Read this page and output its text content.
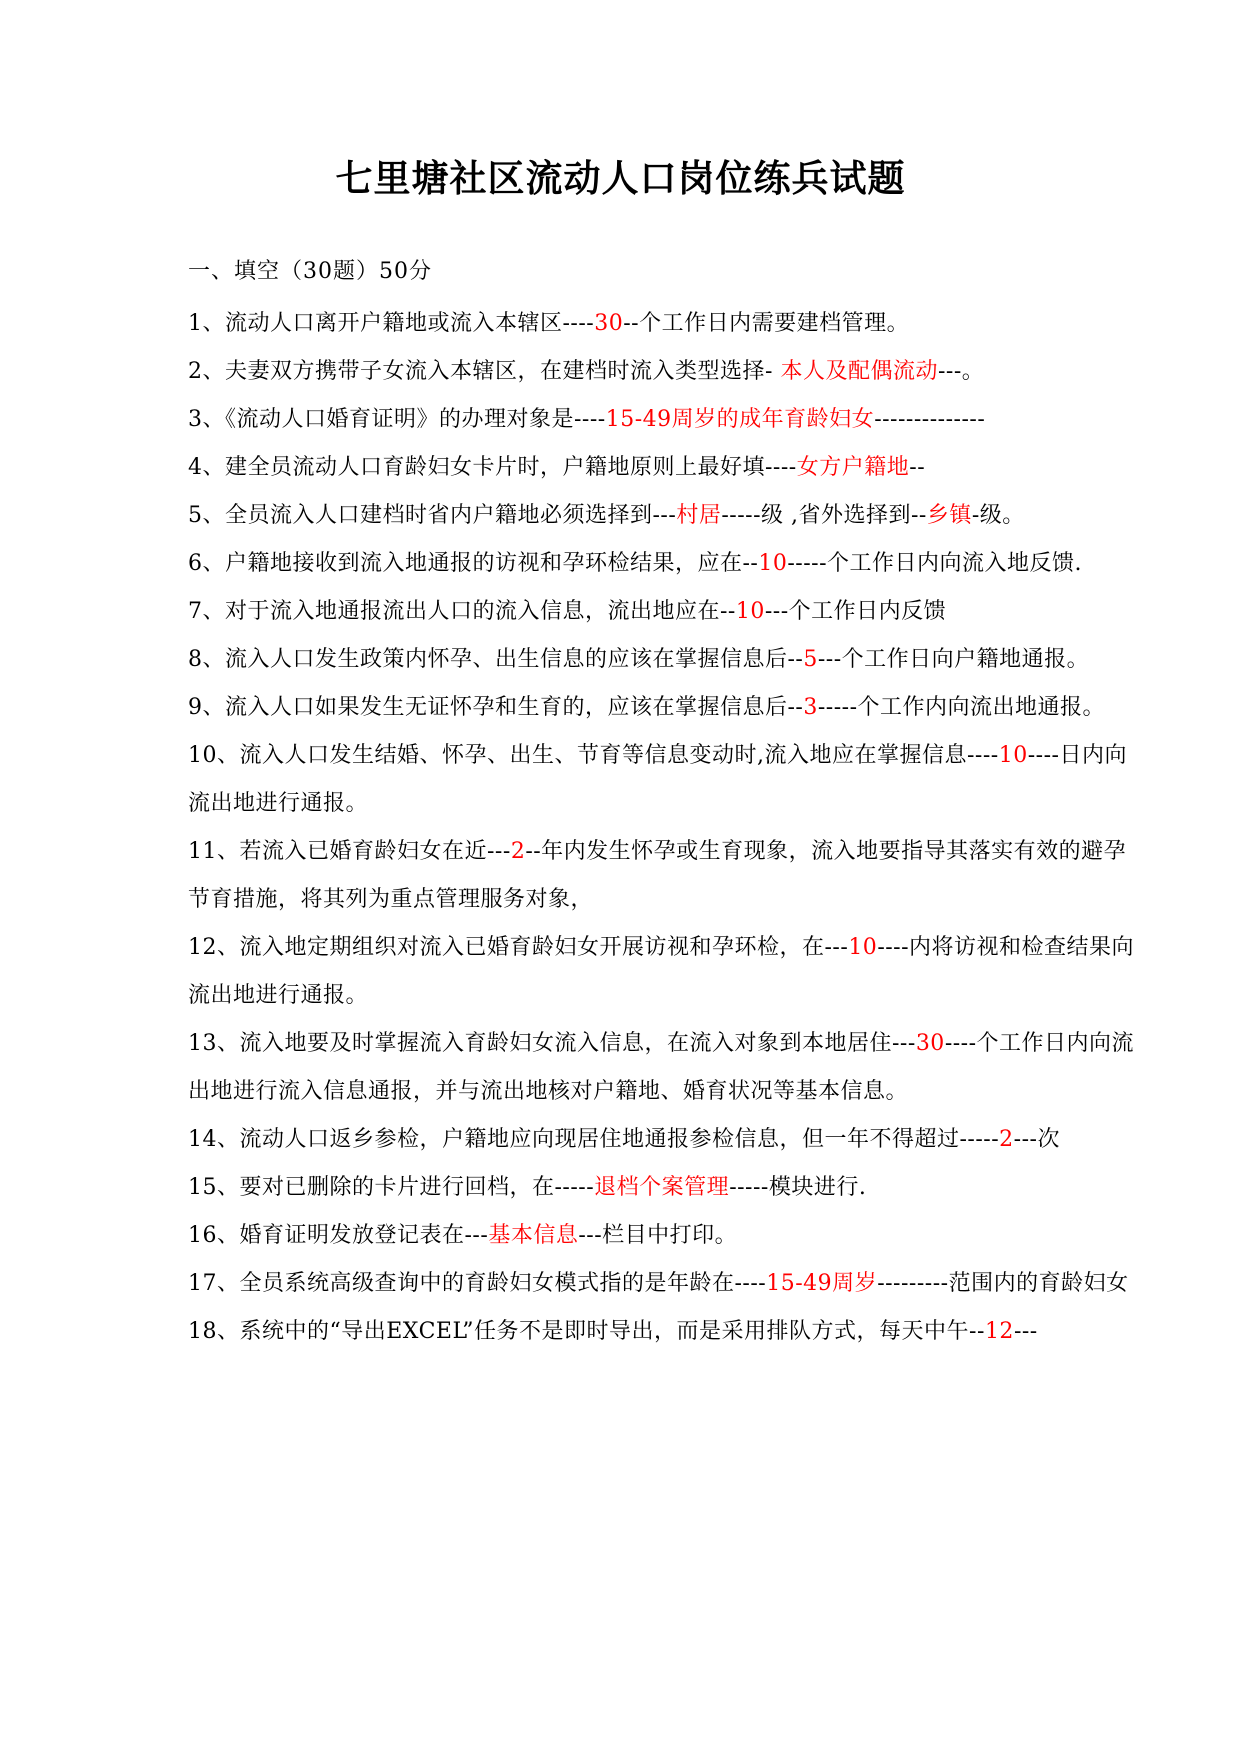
七里塘社区流动人口岗位练兵试题
一、填空（30题）50分
1、流动人口离开户籍地或流入本辖区----30--个工作日内需要建档管理。
2、夫妻双方携带子女流入本辖区，在建档时流入类型选择- 本人及配偶流动---。
3、《流动人口婚育证明》的办理对象是----15-49周岁的成年育龄妇女--------------
4、建全员流动人口育龄妇女卡片时，户籍地原则上最好填----女方户籍地--
5、全员流入人口建档时省内户籍地必须选择到---村居-----级 ,省外选择到--乡镇-级。
6、户籍地接收到流入地通报的访视和孕环检结果，应在--10-----个工作日内向流入地反馈.
7、对于流入地通报流出人口的流入信息，流出地应在--10---个工作日内反馈
8、流入人口发生政策内怀孕、出生信息的应该在掌握信息后--5---个工作日向户籍地通报。
9、流入人口如果发生无证怀孕和生育的，应该在掌握信息后--3-----个工作内向流出地通报。
10、流入人口发生结婚、怀孕、出生、节育等信息变动时,流入地应在掌握信息----10----日内向流出地进行通报。
11、若流入已婚育龄妇女在近---2--年内发生怀孕或生育现象，流入地要指导其落实有效的避孕节育措施，将其列为重点管理服务对象，
12、流入地定期组织对流入已婚育龄妇女开展访视和孕环检，在---10----内将访视和检查结果向流出地进行通报。
13、流入地要及时掌握流入育龄妇女流入信息，在流入对象到本地居住---30----个工作日内向流出地进行流入信息通报，并与流出地核对户籍地、婚育状况等基本信息。
14、流动人口返乡参检，户籍地应向现居住地通报参检信息，但一年不得超过-----2---次
15、要对已删除的卡片进行回档，在-----退档个案管理-----模块进行.
16、婚育证明发放登记表在---基本信息---栏目中打印。
17、全员系统高级查询中的育龄妇女模式指的是年龄在----15-49周岁---------范围内的育龄妇女
18、系统中的“导出EXCEL”任务不是即时导出，而是采用排队方式，每天中午--12---
